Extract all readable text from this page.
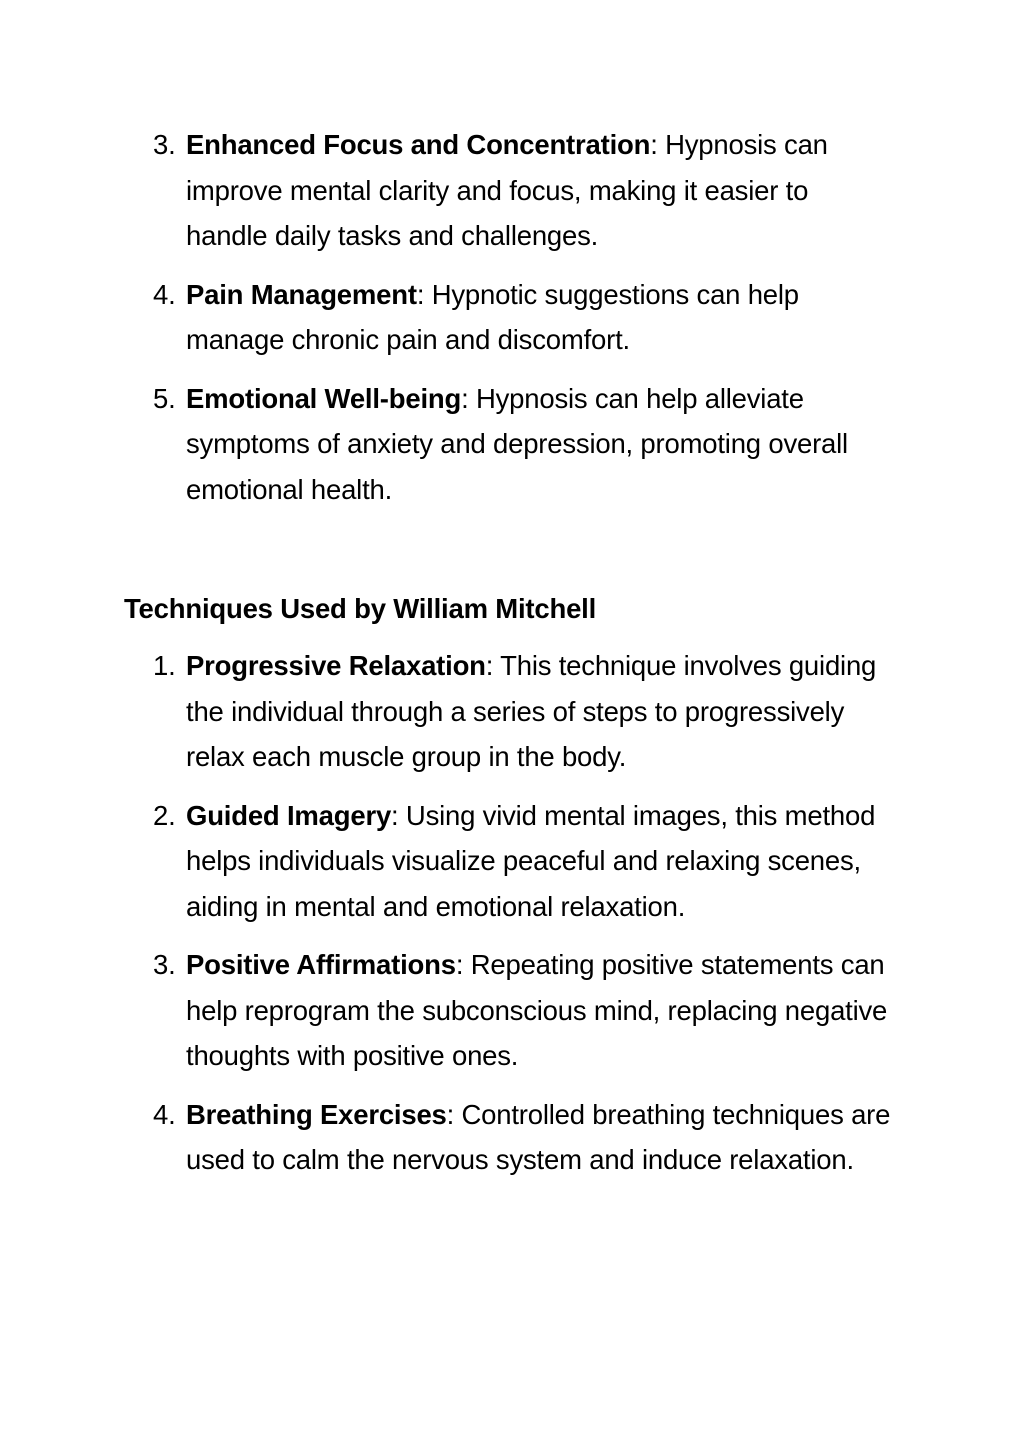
3. Enhanced Focus and Concentration: Hypnosis can improve mental clarity and focus, making it easier to handle daily tasks and challenges.
4. Pain Management: Hypnotic suggestions can help manage chronic pain and discomfort.
5. Emotional Well-being: Hypnosis can help alleviate symptoms of anxiety and depression, promoting overall emotional health.
Techniques Used by William Mitchell
1. Progressive Relaxation: This technique involves guiding the individual through a series of steps to progressively relax each muscle group in the body.
2. Guided Imagery: Using vivid mental images, this method helps individuals visualize peaceful and relaxing scenes, aiding in mental and emotional relaxation.
3. Positive Affirmations: Repeating positive statements can help reprogram the subconscious mind, replacing negative thoughts with positive ones.
4. Breathing Exercises: Controlled breathing techniques are used to calm the nervous system and induce relaxation.
